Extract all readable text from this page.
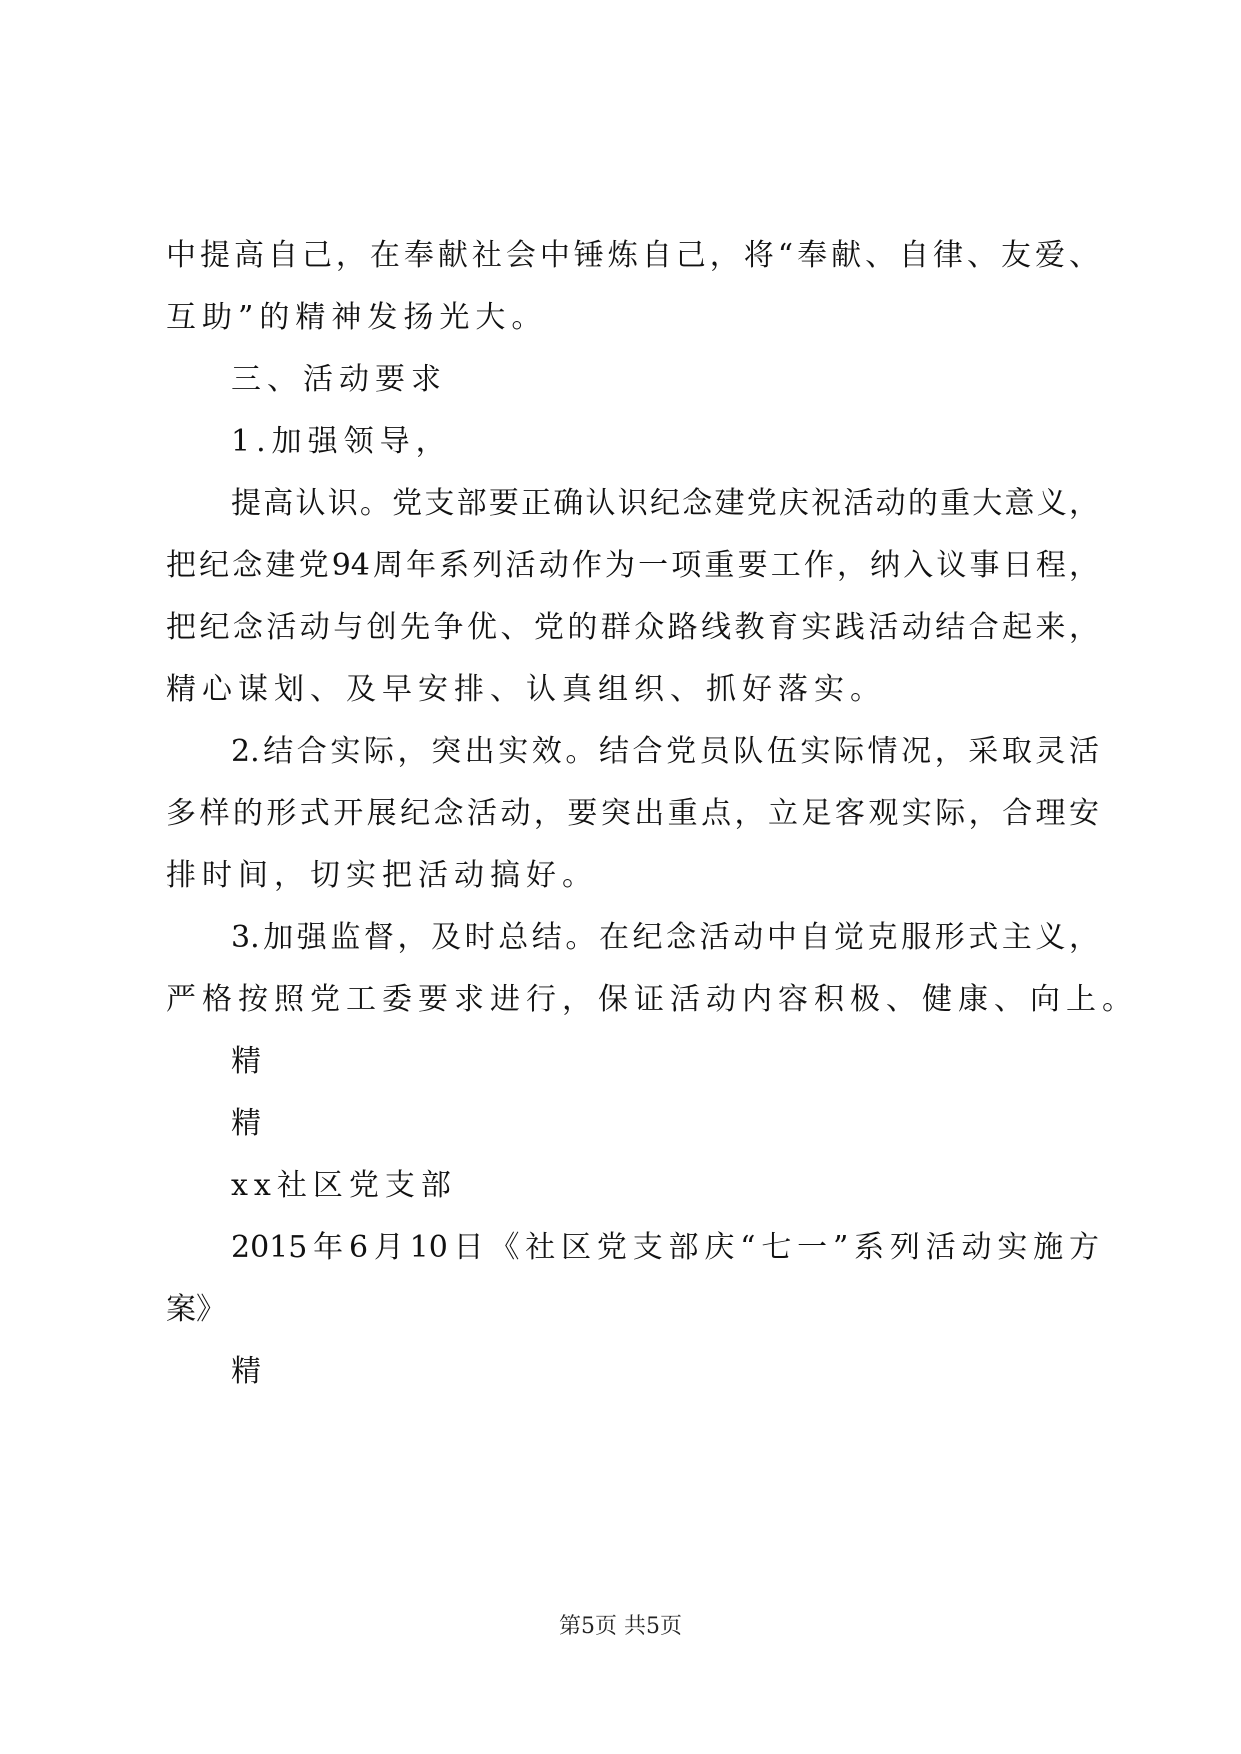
中提高自己，在奉献社会中锤炼自己，将“奉献、自律、友爱、
互助”的精神发扬光大。
三、活动要求
1.加强领导，
提高认识。党支部要正确认识纪念建党庆祝活动的重大意义，
把纪念建党94周年系列活动作为一项重要工作，纳入议事日程，
把纪念活动与创先争优、党的群众路线教育实践活动结合起来，
精心谋划、及早安排、认真组织、抓好落实。
2.结合实际，突出实效。结合党员队伍实际情况，采取灵活
多样的形式开展纪念活动，要突出重点，立足客观实际，合理安
排时间，切实把活动搞好。
3.加强监督，及时总结。在纪念活动中自觉克服形式主义，
严格按照党工委要求进行，保证活动内容积极、健康、向上。
精
精
xx社区党支部
2015年6月10日《社区党支部庆“七一”系列活动实施方
案》
精
第5页 共5页
